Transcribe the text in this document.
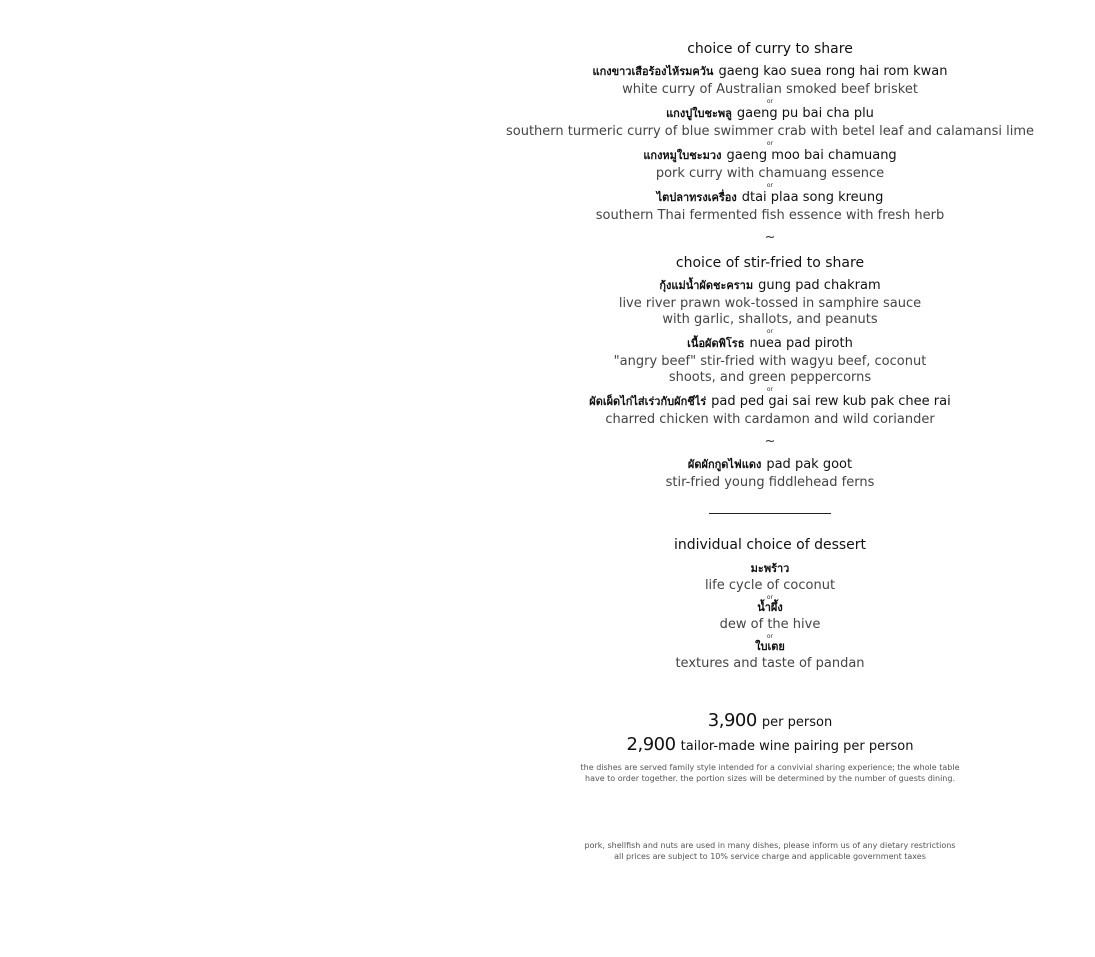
choice of curry to share
แกงขาวเสือร้องไห้รมควัน gaeng kao suea rong hai rom kwan
white curry of Australian smoked beef brisket
or
แกงปูใบชะพลู gaeng pu bai cha plu
southern turmeric curry of blue swimmer crab with betel leaf and calamansi lime
or
แกงหมูใบชะมวง gaeng moo bai chamuang
pork curry with chamuang essence
or
ไตปลาทรงเครื่อง dtai plaa song kreung
southern Thai fermented fish essence with fresh herb
~
choice of stir-fried to share
กุ้งแม่น้ำผัดชะคราม gung pad chakram
live river prawn wok-tossed in samphire sauce
with garlic, shallots, and peanuts
or
เนื้อผัดพิโรธ nuea pad piroth
"angry beef" stir-fried with wagyu beef, coconut
shoots, and green peppercorns
or
ผัดเผ็ดไก่ไส่เร่วกับผักชีไร่ pad ped gai sai rew kub pak chee rai
charred chicken with cardamon and wild coriander
~
ผัดผักกูดไฟแดง pad pak goot
stir-fried young fiddlehead ferns
individual choice of dessert
มะพร้าว
life cycle of coconut
or
น้ำผึ้ง
dew of the hive
or
ใบเตย
textures and taste of pandan
3,900 per person
2,900 tailor-made wine pairing per person
the dishes are served family style intended for a convivial sharing experience; the whole table
have to order together. the portion sizes will be determined by the number of guests dining.
pork, shellfish and nuts are used in many dishes, please inform us of any dietary restrictions
all prices are subject to 10% service charge and applicable government taxes
